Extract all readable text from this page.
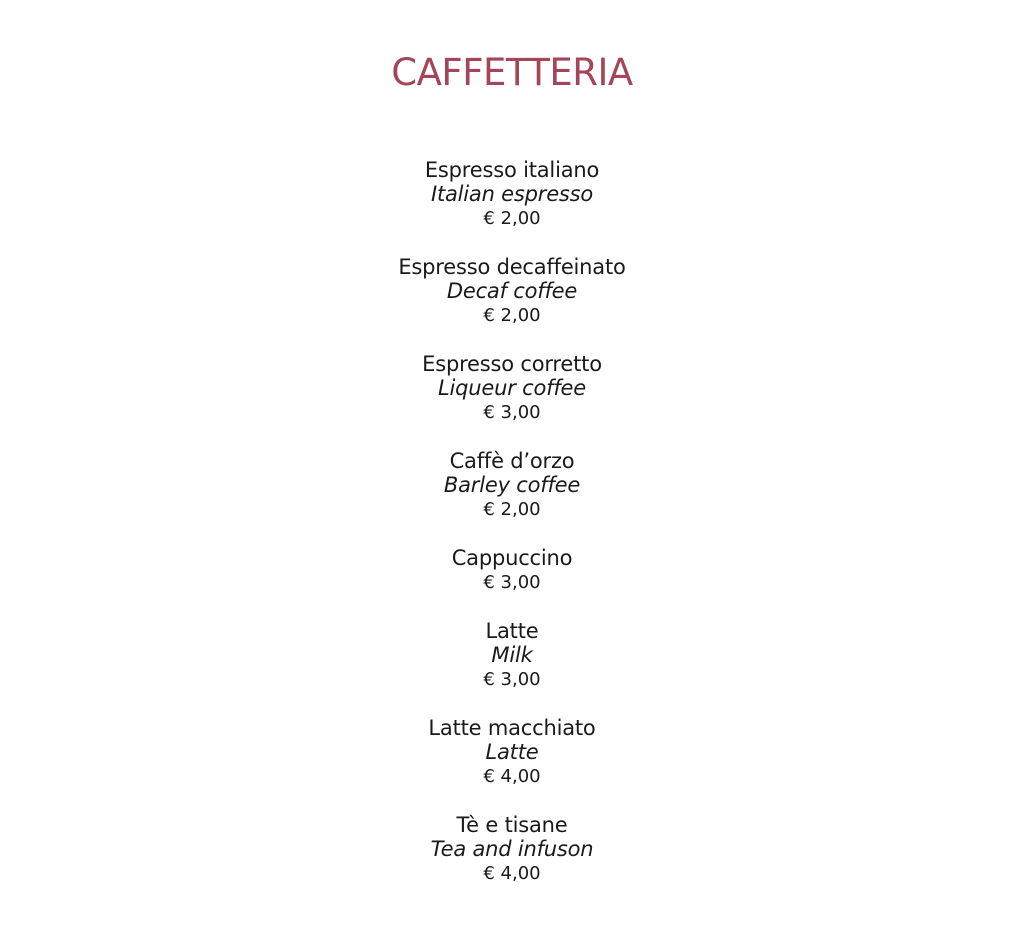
CAFFETTERIA
Espresso italiano
Italian espresso
€ 2,00
Espresso decaffeinato
Decaf coffee
€ 2,00
Espresso corretto
Liqueur coffee
€ 3,00
Caffè d’orzo
Barley coffee
€ 2,00
Cappuccino
€ 3,00
Latte
Milk
€ 3,00
Latte macchiato
Latte
€ 4,00
Tè e tisane
Tea and infuson
€ 4,00
